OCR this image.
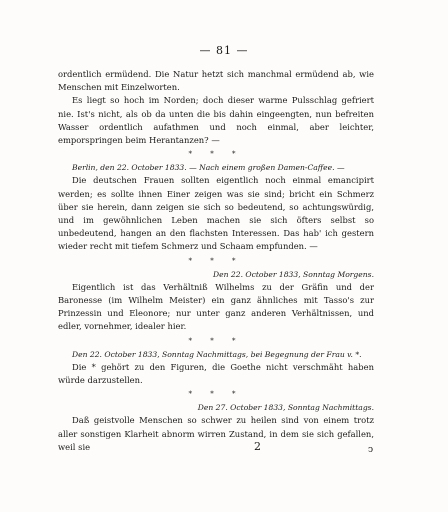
— 81 —

ordentlich ermüdend. Die Natur hetzt sich manchmal ermüdend ab, wie Menschen mit Einzelworten.

Es liegt so hoch im Norden; doch dieser warme Pulsschlag gefriert nie. Ist's nicht, als ob da unten die bis dahin eingeengten, nun befreiten Wasser ordentlich aufathmen und noch einmal, aber leichter, emporspringen beim Herantanzen? —

* * *

Berlin, den 22. October 1833. — Nach einem großen Damen-Caffee. —

Die deutschen Frauen sollten eigentlich noch einmal emancipirt werden; es sollte ihnen Einer zeigen was sie sind; bricht ein Schmerz über sie herein, dann zeigen sie sich so bedeutend, so achtungswürdig, und im gewöhnlichen Leben machen sie sich öfters selbst so unbedeutend, hangen an den flachsten Interessen. Das hab' ich gestern wieder recht mit tiefem Schmerz und Schaam empfunden. —

* * *

Den 22. October 1833, Sonntag Morgens.

Eigentlich ist das Verhältniß Wilhelms zu der Gräfin und der Baronesse (im Wilhelm Meister) ein ganz ähnliches mit Tasso's zur Prinzessin und Eleonore; nur unter ganz anderen Verhältnissen, und edler, vornehmer, idealer hier.

* * *

Den 22. October 1833, Sonntag Nachmittags, bei Begegnung der Frau v. *.

Die * gehört zu den Figuren, die Goethe nicht verschmäht haben würde darzustellen.

* * *

Den 27. October 1833, Sonntag Nachmittags.

Daß geistvolle Menschen so schwer zu heilen sind von einem trotz aller sonstigen Klarheit abnorm wirren Zustand, in dem sie sich gefallen, weil sie	2	ↄ
